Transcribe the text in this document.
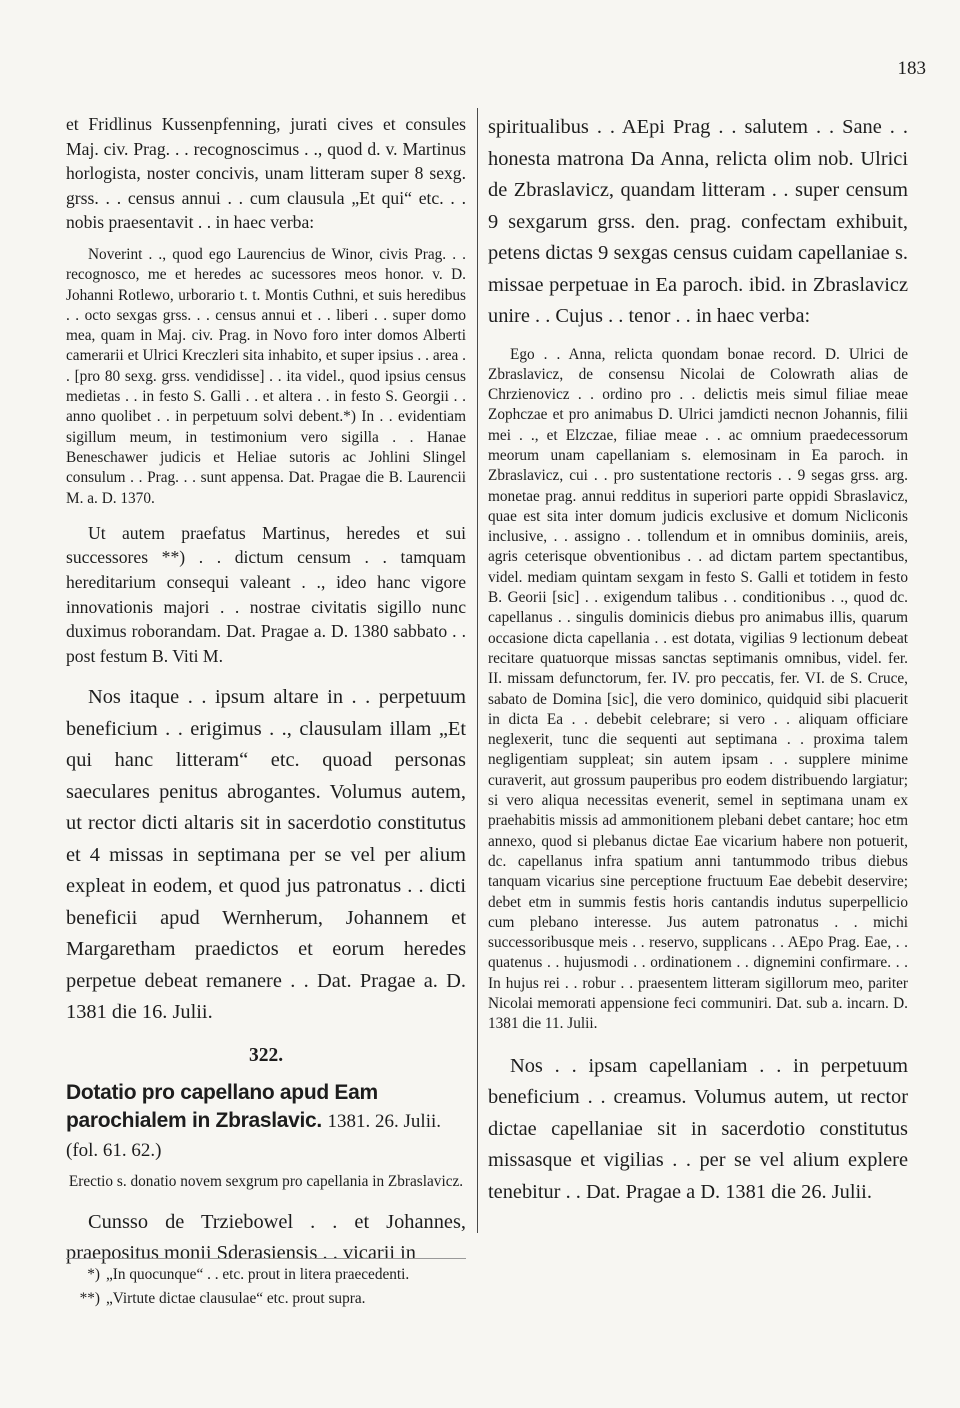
183

et Fridlinus Kussenpfenning, jurati cives et consules Maj. civ. Prag. . . recognoscimus . ., quod d. v. Martinus horlogista, noster concivis, unam litteram super 8 sexg. grss. . . census annui . . cum clausula „Et qui“ etc. . . nobis praesentavit . . in haec verba:

Noverint . ., quod ego Laurencius de Winor, civis Prag. . . recognosco, me et heredes ac sucessores meos honor. v. D. Johanni Rotlewo, urborario t. t. Montis Cuthni, et suis heredibus . . octo sexgas grss. . . census annui et . . liberi . . super domo mea, quam in Maj. civ. Prag. in Novo foro inter domos Alberti camerarii et Ulrici Kreczleri sita inhabito, et super ipsius . . area . . [pro 80 sexg. grss. vendidisse] . . ita videl., quod ipsius census medietas . . in festo S. Galli . . et altera . . in festo S. Georgii . . anno quolibet . . in perpetuum solvi debent.*) In . . evidentiam sigillum meum, in testimonium vero sigilla . . Hanae Beneschawer judicis et Heliae sutoris ac Johlini Slingel consulum . . Prag. . . sunt appensa. Dat. Pragae die B. Laurencii M. a. D. 1370.

Ut autem praefatus Martinus, heredes et sui successores **) . . dictum censum . . tamquam hereditarium consequi valeant . ., ideo hanc vigore innovationis majori . . nostrae civitatis sigillo nunc duximus roborandam. Dat. Pragae a. D. 1380 sabbato . . post festum B. Viti M.

Nos itaque . . ipsum altare in . . perpetuum beneficium . . erigimus . ., clausulam illam „Et qui hanc litteram“ etc. quoad personas saeculares penitus abrogantes. Volumus autem, ut rector dicti altaris sit in sacerdotio constitutus et 4 missas in septimana per se vel per alium expleat in eodem, et quod jus patronatus . . dicti beneficii apud Wernherum, Johannem et Margaretham praedictos et eorum heredes perpetue debeat remanere . . Dat. Pragae a. D. 1381 die 16. Julii.

322.
Dotatio pro capellano apud Eam parochialem in Zbraslavic. 1381. 26. Julii. (fol. 61. 62.)
Erectio s. donatio novem sexgrum pro capellania in Zbraslavicz.

Cunsso de Trziebowel . . et Johannes, praepositus monii Sderasiensis . . vicarii in

spiritualibus . . AEpi Prag . . salutem . . Sane . . honesta matrona Da Anna, relicta olim nob. Ulrici de Zbraslavicz, quandam litteram . . super censum 9 sexgarum grss. den. prag. confectam exhibuit, petens dictas 9 sexgas census cuidam capellaniae s. missae perpetuae in Ea paroch. ibid. in Zbraslavicz unire . . Cujus . . tenor . . in haec verba:

Ego . . Anna, relicta quondam bonae record. D. Ulrici de Zbraslavicz, de consensu Nicolai de Colowrath alias de Chrzienovicz . . ordino pro . . delictis meis simul filiae meae Zophczae et pro animabus D. Ulrici jamdicti necnon Johannis, filii mei . ., et Elzczae, filiae meae . . ac omnium praedecessorum meorum unam capellaniam s. elemosinam in Ea paroch. in Zbraslavicz, cui . . pro sustentatione rectoris . . 9 segas grss. arg. monetae prag. annui redditus in superiori parte oppidi Sbraslavicz, quae est sita inter domum judicis exclusive et domum Nicliconis inclusive, . . assigno . . tollendum et in omnibus dominiis, areis, agris ceterisque obventionibus . . ad dictam partem spectantibus, videl. mediam quintam sexgam in festo S. Galli et totidem in festo B. Georii [sic] . . exigendum talibus . . conditionibus . ., quod dc. capellanus . . singulis dominicis diebus pro animabus illis, quarum occasione dicta capellania . . est dotata, vigilias 9 lectionum debeat recitare quatuorque missas sanctas septimanis omnibus, videl. fer. II. missam defunctorum, fer. IV. pro peccatis, fer. VI. de S. Cruce, sabato de Domina [sic], die vero dominico, quidquid sibi placuerit in dicta Ea . . debebit celebrare; si vero . . aliquam officiare neglexerit, tunc die sequenti aut septimana . . proxima talem negligentiam suppleat; sin autem ipsam . . supplere minime curaverit, aut grossum pauperibus pro eodem distribuendo largiatur; si vero aliqua necessitas evenerit, semel in septimana unam ex praehabitis missis ad ammonitionem plebani debet cantare; hoc etm annexo, quod si plebanus dictae Eae vicarium habere non potuerit, dc. capellanus infra spatium anni tantummodo tribus diebus tanquam vicarius sine perceptione fructuum Eae debebit deservire; debet etm in summis festis horis cantandis indutus superpellicio cum plebano interesse. Jus autem patronatus . . michi successoribusque meis . . reservo, supplicans . . AEpo Prag. Eae, . . quatenus . . hujusmodi . . ordinationem . . dignemini confirmare. . . In hujus rei . . robur . . praesentem litteram sigillorum meo, pariter Nicolai memorati appensione feci communiri. Dat. sub a. incarn. D. 1381 die 11. Julii.

Nos . . ipsam capellaniam . . in perpetuum beneficium . . creamus. Volumus autem, ut rector dictae capellaniae sit in sacerdotio constitutus missasque et vigilias . . per se vel alium explere tenebitur . . Dat. Pragae a D. 1381 die 26. Julii.

*) „In quocunque“ . . etc. prout in litera praecedenti.
**) „Virtute dictae clausulae“ etc. prout supra.
